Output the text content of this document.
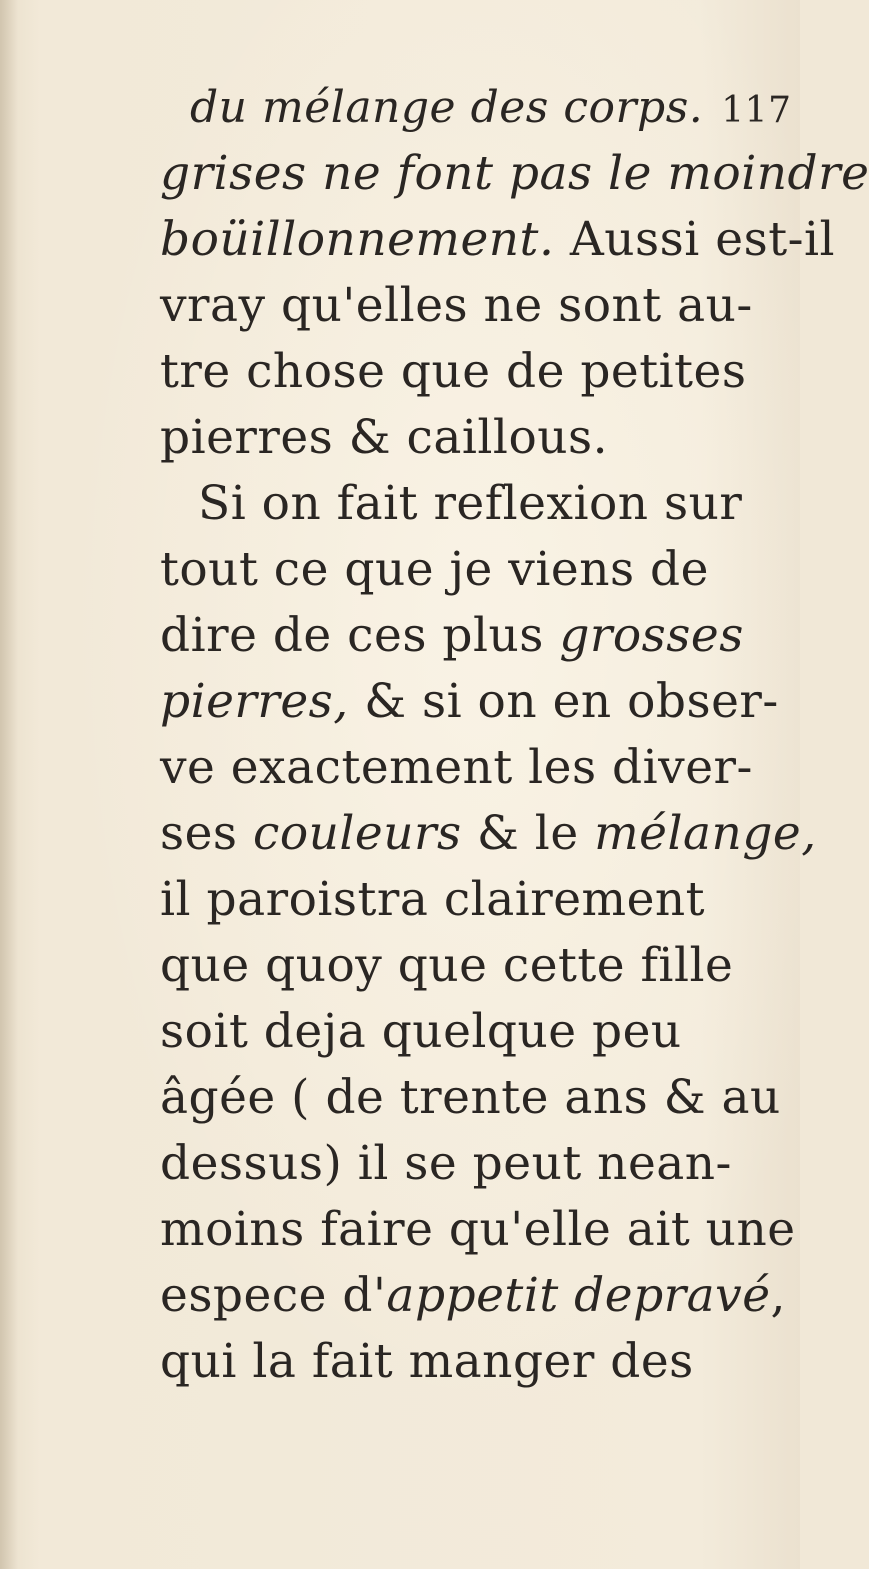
du mélange des corps. 117
grises ne font pas le moindre
boüillonnement. Aussi est-il
vray qu'elles ne sont au-
tre chose que de petites
pierres & caillous.
Si on fait reflexion sur
tout ce que je viens de
dire de ces plus grosses
pierres, & si on en obser-
ve exactement les diver-
ses couleurs & le mélange,
il paroistra clairement
que quoy que cette fille
soit deja quelque peu
âgée ( de trente ans & au
dessus) il se peut nean-
moins faire qu'elle ait une
espece d'appetit depravé,
qui la fait manger des
